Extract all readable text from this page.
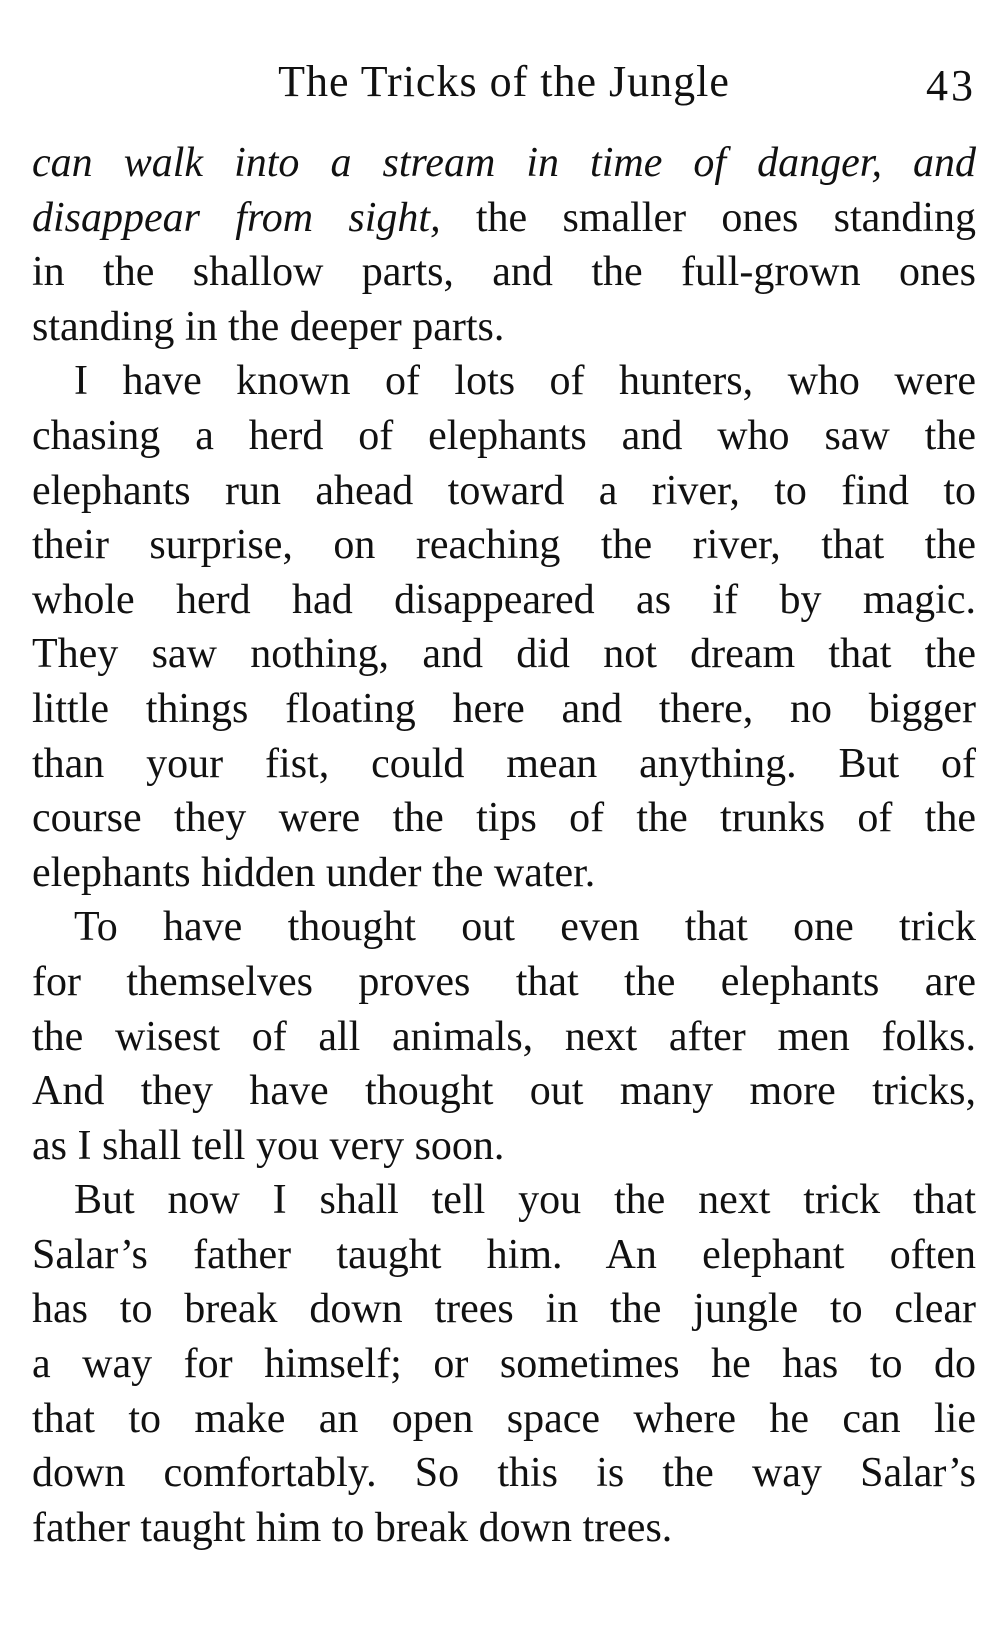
The Tricks of the Jungle	43
can walk into a stream in time of danger, and
disappear from sight, the smaller ones standing
in the shallow parts, and the full-grown ones
standing in the deeper parts.
I have known of lots of hunters, who were
chasing a herd of elephants and who saw the
elephants run ahead toward a river, to find to
their surprise, on reaching the river, that the
whole herd had disappeared as if by magic.
They saw nothing, and did not dream that the
little things floating here and there, no bigger
than your fist, could mean anything. But of
course they were the tips of the trunks of the
elephants hidden under the water.
To have thought out even that one trick
for themselves proves that the elephants are
the wisest of all animals, next after men folks.
And they have thought out many more tricks,
as I shall tell you very soon.
But now I shall tell you the next trick that
Salar’s father taught him. An elephant often
has to break down trees in the jungle to clear
a way for himself; or sometimes he has to do
that to make an open space where he can lie
down comfortably. So this is the way Salar’s
father taught him to break down trees.
